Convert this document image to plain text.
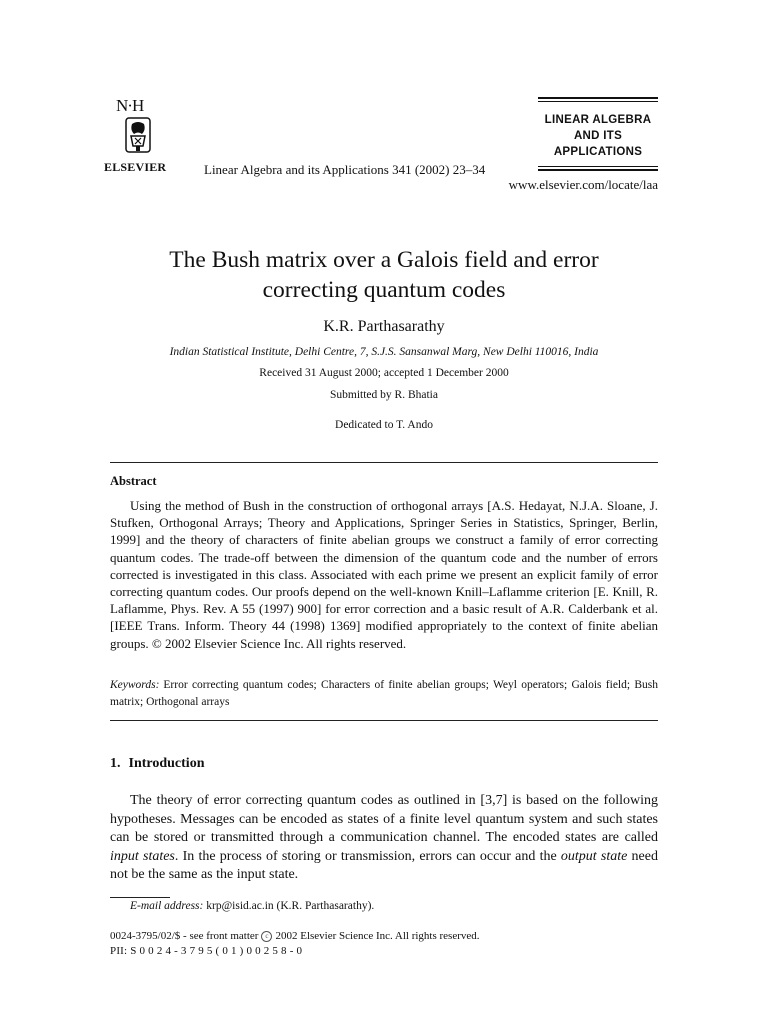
N·H
ELSEVIER	Linear Algebra and its Applications 341 (2002) 23–34
www.elsevier.com/locate/laa
LINEAR ALGEBRA
AND ITS
APPLICATIONS
The Bush matrix over a Galois field and error
correcting quantum codes
K.R. Parthasarathy
Indian Statistical Institute, Delhi Centre, 7, S.J.S. Sansanwal Marg, New Delhi 110016, India
Received 31 August 2000; accepted 1 December 2000
Submitted by R. Bhatia
Dedicated to T. Ando
Abstract
Using the method of Bush in the construction of orthogonal arrays [A.S. Hedayat, N.J.A. Sloane, J. Stufken, Orthogonal Arrays; Theory and Applications, Springer Series in Statistics, Springer, Berlin, 1999] and the theory of characters of finite abelian groups we construct a family of error correcting quantum codes. The trade-off between the dimension of the quantum code and the number of errors corrected is investigated in this class. Associated with each prime we present an explicit family of error correcting quantum codes. Our proofs depend on the well-known Knill–Laflamme criterion [E. Knill, R. Laflamme, Phys. Rev. A 55 (1997) 900] for error correction and a basic result of A.R. Calderbank et al. [IEEE Trans. Inform. Theory 44 (1998) 1369] modified appropriately to the context of finite abelian groups. © 2002 Elsevier Science Inc. All rights reserved.
Keywords: Error correcting quantum codes; Characters of finite abelian groups; Weyl operators; Galois field; Bush matrix; Orthogonal arrays
1. Introduction
The theory of error correcting quantum codes as outlined in [3,7] is based on the following hypotheses. Messages can be encoded as states of a finite level quantum system and such states can be stored or transmitted through a communication channel. The encoded states are called input states. In the process of storing or transmission, errors can occur and the output state need not be the same as the input state.
E-mail address: krp@isid.ac.in (K.R. Parthasarathy).
0024-3795/02/$ - see front matter c 2002 Elsevier Science Inc. All rights reserved.
PII: S 0 0 2 4 - 3 7 9 5 ( 0 1 ) 0 0 2 5 8 - 0
